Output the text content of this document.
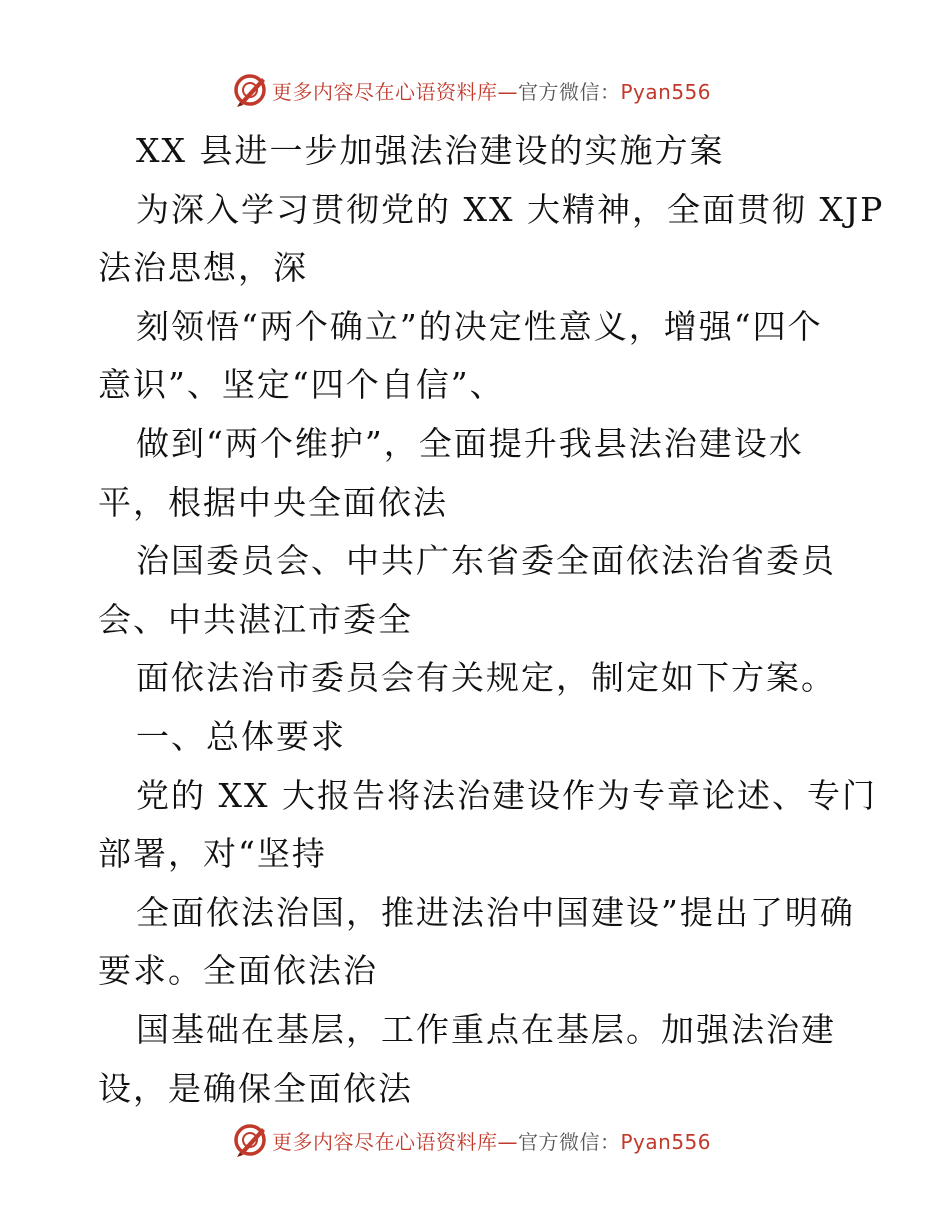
更多内容尽在心语资料库—官方微信：Pyan556
XX 县进一步加强法治建设的实施方案
为深入学习贯彻党的 XX 大精神，全面贯彻 XJP
法治思想，深
刻领悟“两个确立”的决定性意义，增强“四个
意识”、坚定“四个自信”、
做到“两个维护”，全面提升我县法治建设水
平，根据中央全面依法
治国委员会、中共广东省委全面依法治省委员
会、中共湛江市委全
面依法治市委员会有关规定，制定如下方案。
一、总体要求
党的 XX 大报告将法治建设作为专章论述、专门
部署，对“坚持
全面依法治国，推进法治中国建设”提出了明确
要求。全面依法治
国基础在基层，工作重点在基层。加强法治建
设，是确保全面依法
更多内容尽在心语资料库—官方微信：Pyan556
